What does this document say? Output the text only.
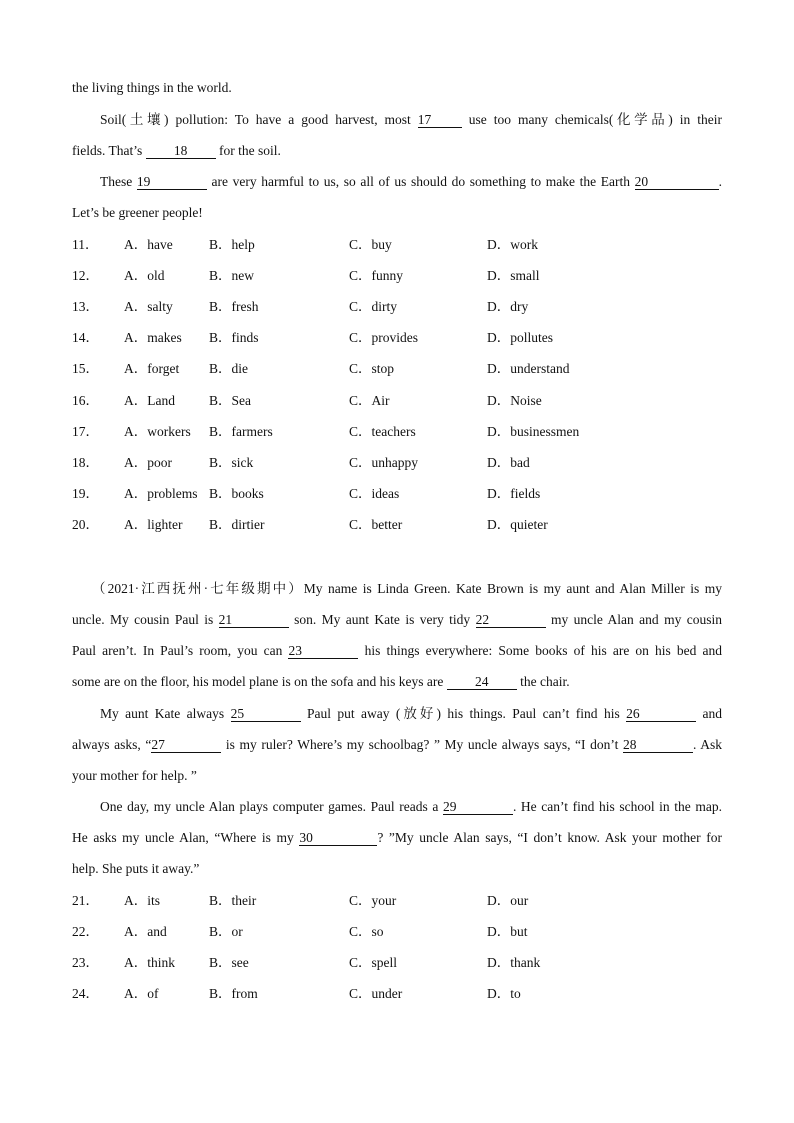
the living things in the world.
Soil(土壤) pollution: To have a good harvest, most 17 use too many chemicals(化学品) in their
fields. That’s 18 for the soil.
These 19	are very harmful to us, so all of us should do something to make the Earth 20	.
Let’s be greener people!
11． A．have	B．help	C．buy	D．work
12． A．old	B．new	C．funny	D．small
13． A．salty	B．fresh	C．dirty	D．dry
14． A．makes B．finds	C．provides	D．pollutes
15． A．forget B．die	C．stop	D．understand
16． A．Land	B．Sea	C．Air	D．Noise
17． A．workers B．farmers	C．teachers	D．businessmen
18． A．poor	B．sick	C．unhappy	D．bad
19． A．problems B．books	C．ideas	D．fields
20． A．lighter B．dirtier	C．better	D．quieter
（2021·江西抚州·七年级期中）My name is Linda Green. Kate Brown is my aunt and Alan Miller is my
uncle. My cousin Paul is 21	son. My aunt Kate is very tidy 22	my uncle Alan and my cousin
Paul aren’t. In Paul’s room, you can 23	his things everywhere: Some books of his are on his bed and
some are on the floor, his model plane is on the sofa and his keys are 24 the chair.
My aunt Kate always 25	Paul put away (放好) his things. Paul can’t find his 26	and
always asks, “27	is my ruler? Where’s my schoolbag? ” My uncle always says, “I don’t 28	. Ask
your mother for help. ”
One day, my uncle Alan plays computer games. Paul reads a 29	. He can’t find his school in the map.
He asks my uncle Alan, “Where is my 30	? ”My uncle Alan says, “I don’t know. Ask your mother for
help. She puts it away.”
21． A．its	B．their	C．your	D．our
22． A．and	B．or	C．so	D．but
23． A．think	B．see	C．spell	D．thank
24． A．of	B．from	C．under	D．to
